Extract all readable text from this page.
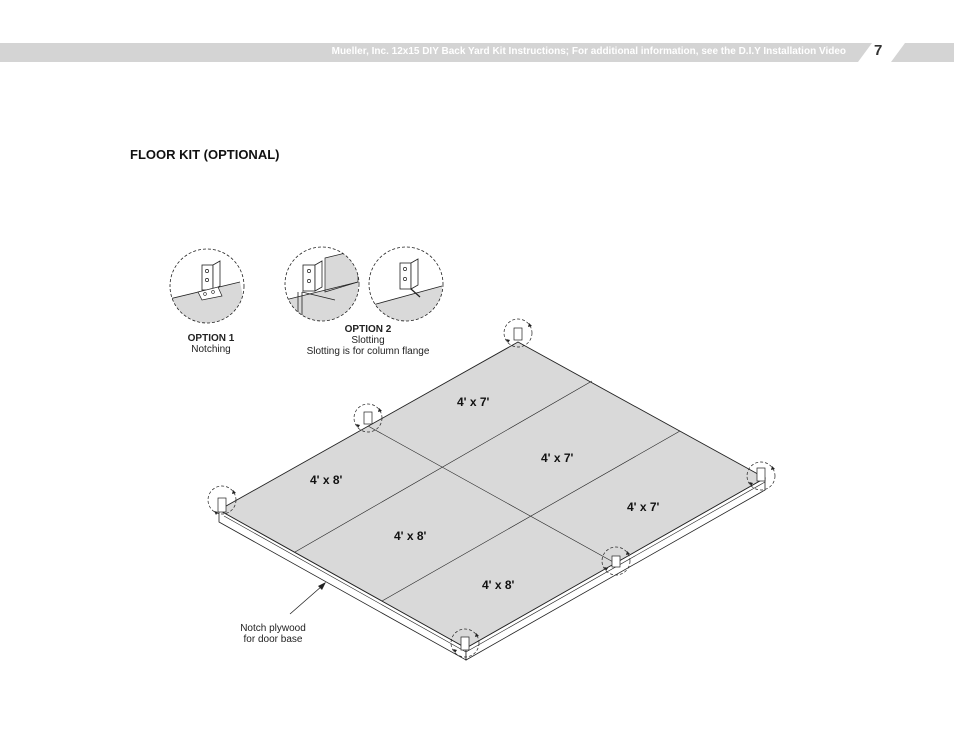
Mueller, Inc. 12x15 DIY Back Yard Kit Instructions; For additional information, see the D.I.Y Installation Video 7
FLOOR KIT (OPTIONAL)
OPTION 1
Notching
OPTION 2
Slotting
Slotting is for column flange
4' x 7'
4' x 7'
4' x 7'
4' x 8'
4' x 8'
4' x 8'
Notch plywood
for door base
